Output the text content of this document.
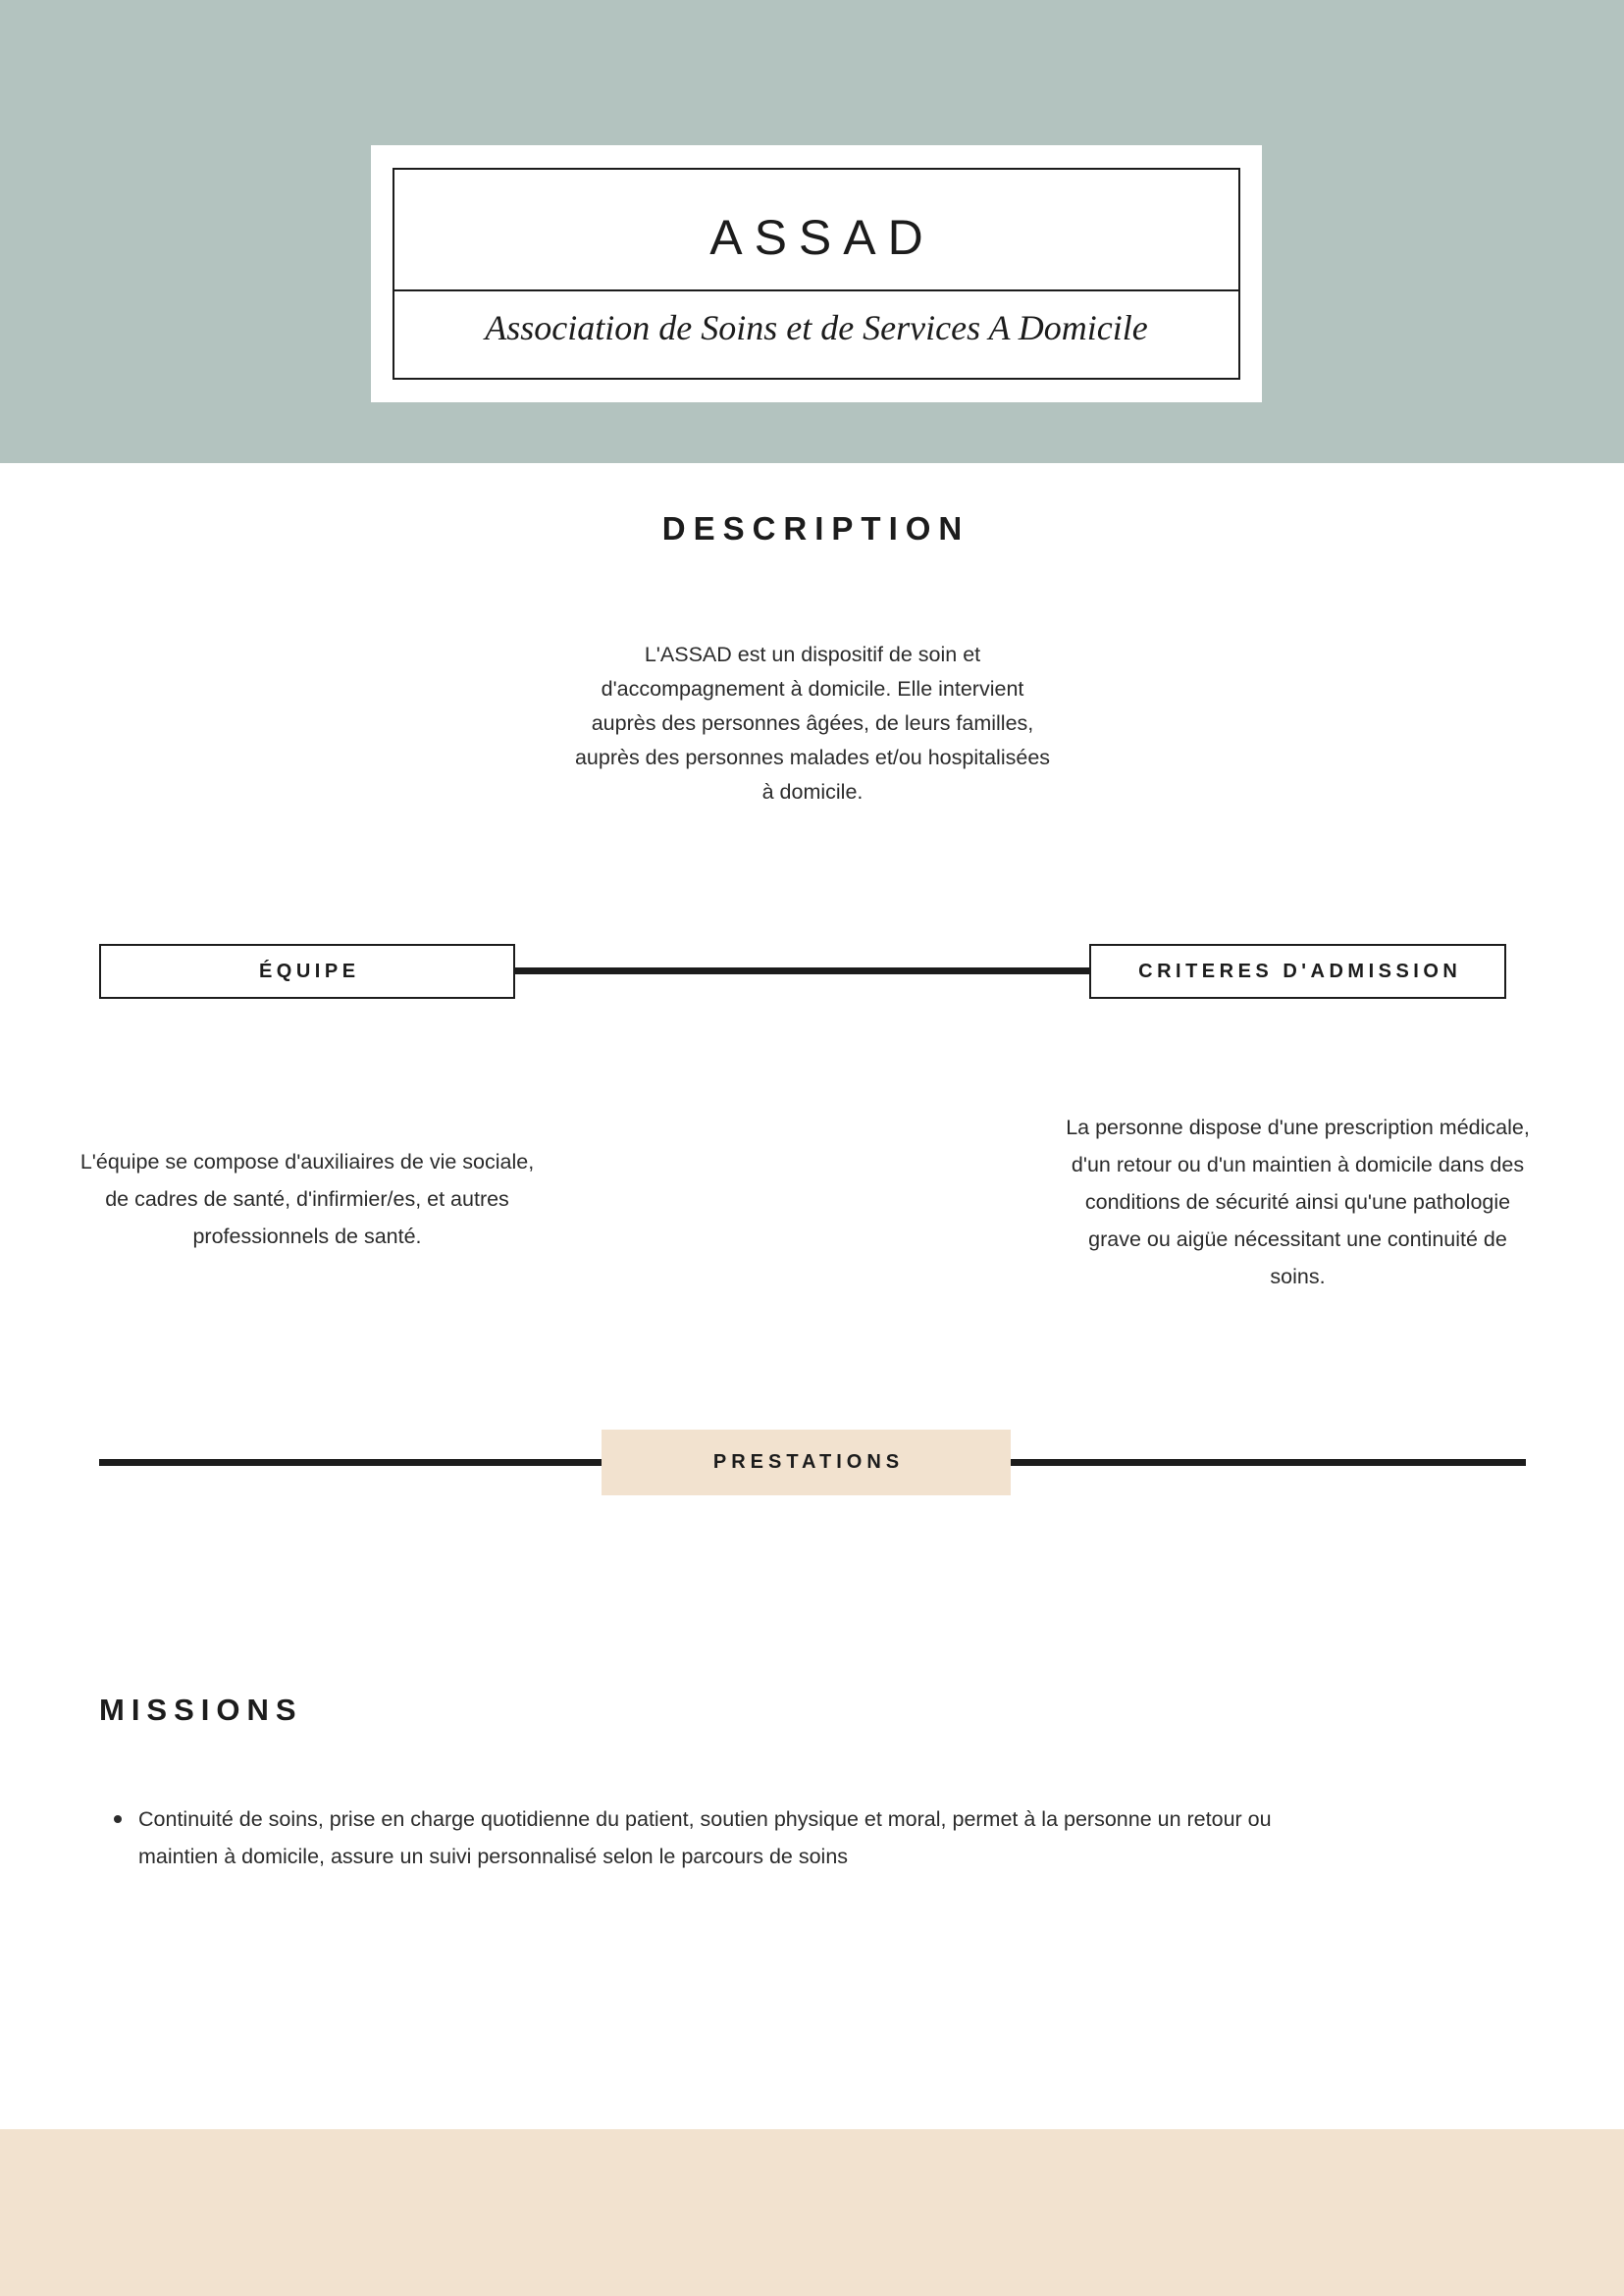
ASSAD
Association de Soins et de Services A Domicile
DESCRIPTION
L'ASSAD est un dispositif de soin et d'accompagnement à domicile. Elle intervient auprès des personnes âgées, de leurs familles, auprès des personnes malades et/ou hospitalisées à domicile.
ÉQUIPE	CRITERES D'ADMISSION
L'équipe se compose d'auxiliaires de vie sociale, de cadres de santé, d'infirmier/es, et autres professionnels de santé.
La personne dispose d'une prescription médicale, d'un retour ou d'un maintien à domicile dans des conditions de sécurité ainsi qu'une pathologie grave ou aigüe nécessitant une continuité de soins.
PRESTATIONS
MISSIONS
Continuité de soins, prise en charge quotidienne du patient, soutien physique et moral, permet à la personne un retour ou maintien à domicile, assure un suivi personnalisé selon le parcours de soins
